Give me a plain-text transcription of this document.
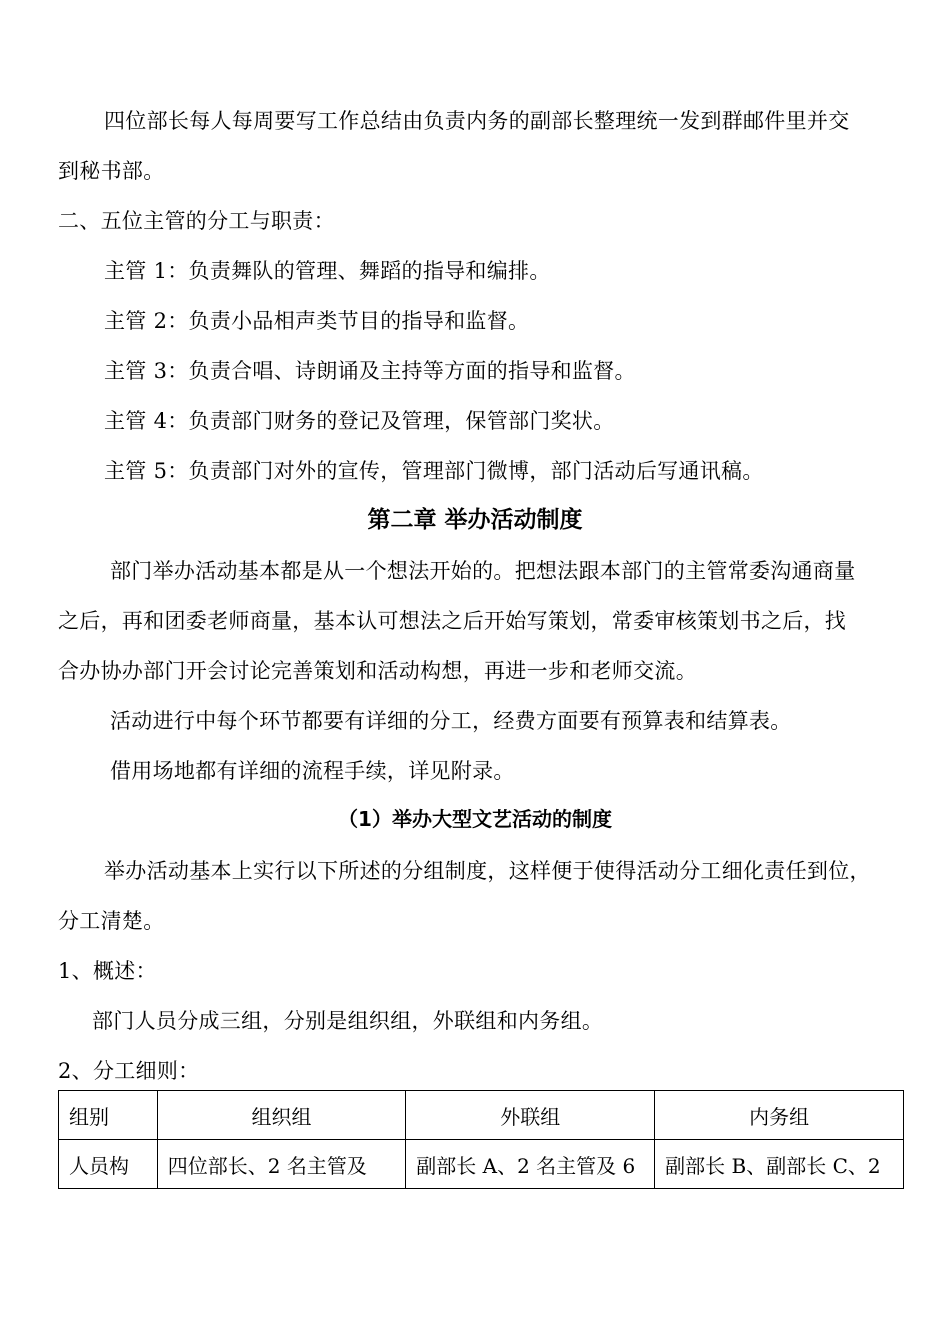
四位部长每人每周要写工作总结由负责内务的副部长整理统一发到群邮件里并交
到秘书部。
二、五位主管的分工与职责：
主管 1：负责舞队的管理、舞蹈的指导和编排。
主管 2：负责小品相声类节目的指导和监督。
主管 3：负责合唱、诗朗诵及主持等方面的指导和监督。
主管 4：负责部门财务的登记及管理，保管部门奖状。
主管 5：负责部门对外的宣传，管理部门微博，部门活动后写通讯稿。
第二章 举办活动制度
部门举办活动基本都是从一个想法开始的。把想法跟本部门的主管常委沟通商量
之后，再和团委老师商量，基本认可想法之后开始写策划，常委审核策划书之后，找
合办协办部门开会讨论完善策划和活动构想，再进一步和老师交流。
活动进行中每个环节都要有详细的分工，经费方面要有预算表和结算表。
借用场地都有详细的流程手续，详见附录。
（1）举办大型文艺活动的制度
举办活动基本上实行以下所述的分组制度，这样便于使得活动分工细化责任到位，
分工清楚。
1、概述：
部门人员分成三组，分别是组织组，外联组和内务组。
2、分工细则：
组别	组织组	外联组	内务组
人员构	四位部长、2 名主管及	副部长 A、2 名主管及 6	副部长 B、副部长 C、2
